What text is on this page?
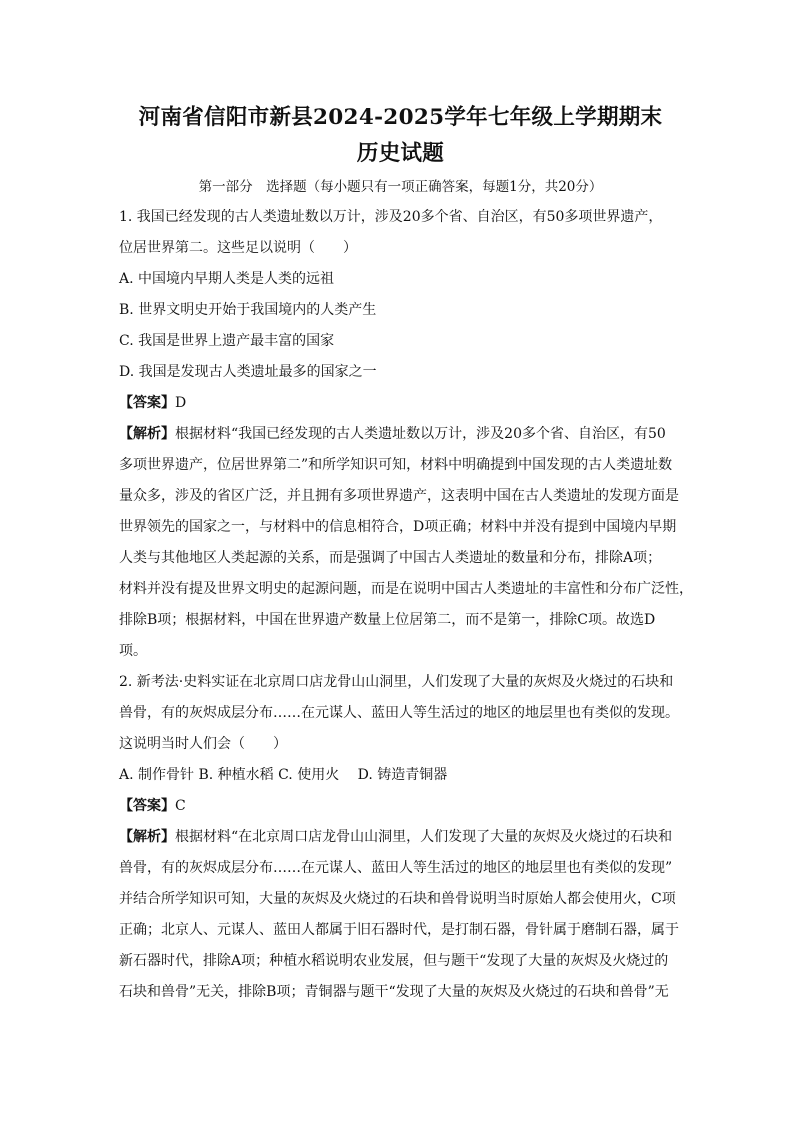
河南省信阳市新县2024-2025学年七年级上学期期末

历史试题

第一部分　选择题（每小题只有一项正确答案，每题1分，共20分）

1. 我国已经发现的古人类遗址数以万计，涉及20多个省、自治区，有50多项世界遗产，

位居世界第二。这些足以说明（　　）

A. 中国境内早期人类是人类的远祖

B. 世界文明史开始于我国境内的人类产生

C. 我国是世界上遗产最丰富的国家

D. 我国是发现古人类遗址最多的国家之一

【答案】D

【解析】根据材料“我国已经发现的古人类遗址数以万计，涉及20多个省、自治区，有50

多项世界遗产，位居世界第二”和所学知识可知，材料中明确提到中国发现的古人类遗址数

量众多，涉及的省区广泛，并且拥有多项世界遗产，这表明中国在古人类遗址的发现方面是

世界领先的国家之一，与材料中的信息相符合，D项正确；材料中并没有提到中国境内早期

人类与其他地区人类起源的关系，而是强调了中国古人类遗址的数量和分布，排除A项；

材料并没有提及世界文明史的起源问题，而是在说明中国古人类遗址的丰富性和分布广泛性，

排除B项；根据材料，中国在世界遗产数量上位居第二，而不是第一，排除C项。故选D

项。

2. 新考法·史料实证在北京周口店龙骨山山洞里，人们发现了大量的灰烬及火烧过的石块和

兽骨，有的灰烬成层分布……在元谋人、蓝田人等生活过的地区的地层里也有类似的发现。

这说明当时人们会（　　）

A. 制作骨针 B. 种植水稻 C. 使用火　 D. 铸造青铜器

【答案】C

【解析】根据材料“在北京周口店龙骨山山洞里，人们发现了大量的灰烬及火烧过的石块和

兽骨，有的灰烬成层分布……在元谋人、蓝田人等生活过的地区的地层里也有类似的发现”

并结合所学知识可知，大量的灰烬及火烧过的石块和兽骨说明当时原始人都会使用火，C项

正确；北京人、元谋人、蓝田人都属于旧石器时代，是打制石器，骨针属于磨制石器，属于

新石器时代，排除A项；种植水稻说明农业发展，但与题干“发现了大量的灰烬及火烧过的

石块和兽骨”无关，排除B项；青铜器与题干“发现了大量的灰烬及火烧过的石块和兽骨”无
